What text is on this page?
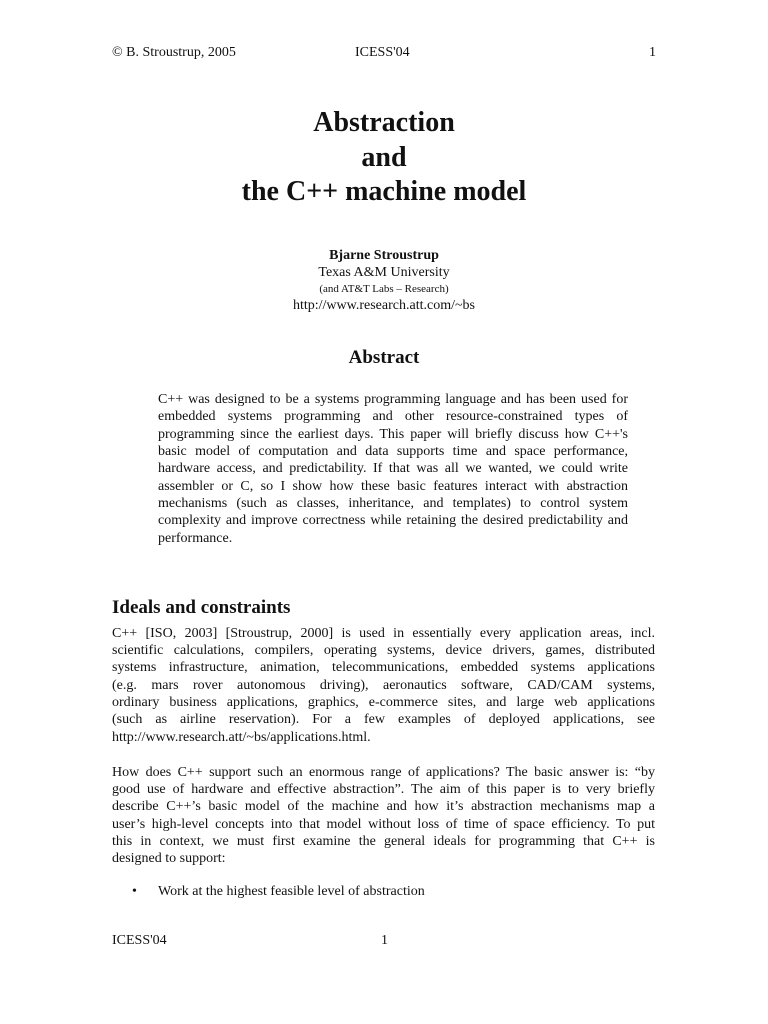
© B. Stroustrup, 2005	ICESS'04	1
Abstraction
and
the C++ machine model
Bjarne Stroustrup
Texas A&M University
(and AT&T Labs – Research)
http://www.research.att.com/~bs
Abstract
C++ was designed to be a systems programming language and has been used for
embedded systems programming and other resource-constrained types of
programming since the earliest days. This paper will briefly discuss how C++'s
basic model of computation and data supports time and space performance,
hardware access, and predictability. If that was all we wanted, we could write
assembler or C, so I show how these basic features interact with abstraction
mechanisms (such as classes, inheritance, and templates) to control system
complexity and improve correctness while retaining the desired predictability and
performance.
Ideals and constraints
C++ [ISO, 2003] [Stroustrup, 2000] is used in essentially every application areas, incl.
scientific calculations, compilers, operating systems, device drivers, games, distributed
systems infrastructure, animation, telecommunications, embedded systems applications
(e.g. mars rover autonomous driving), aeronautics software, CAD/CAM systems,
ordinary business applications, graphics, e-commerce sites, and large web applications
(such as airline reservation). For a few examples of deployed applications, see
http://www.research.att/~bs/applications.html.
How does C++ support such an enormous range of applications? The basic answer is: “by
good use of hardware and effective abstraction”. The aim of this paper is to very briefly
describe C++’s basic model of the machine and how it’s abstraction mechanisms map a
user’s high-level concepts into that model without loss of time of space efficiency. To put
this in context, we must first examine the general ideals for programming that C++ is
designed to support:
• Work at the highest feasible level of abstraction
ICESS'04	1
